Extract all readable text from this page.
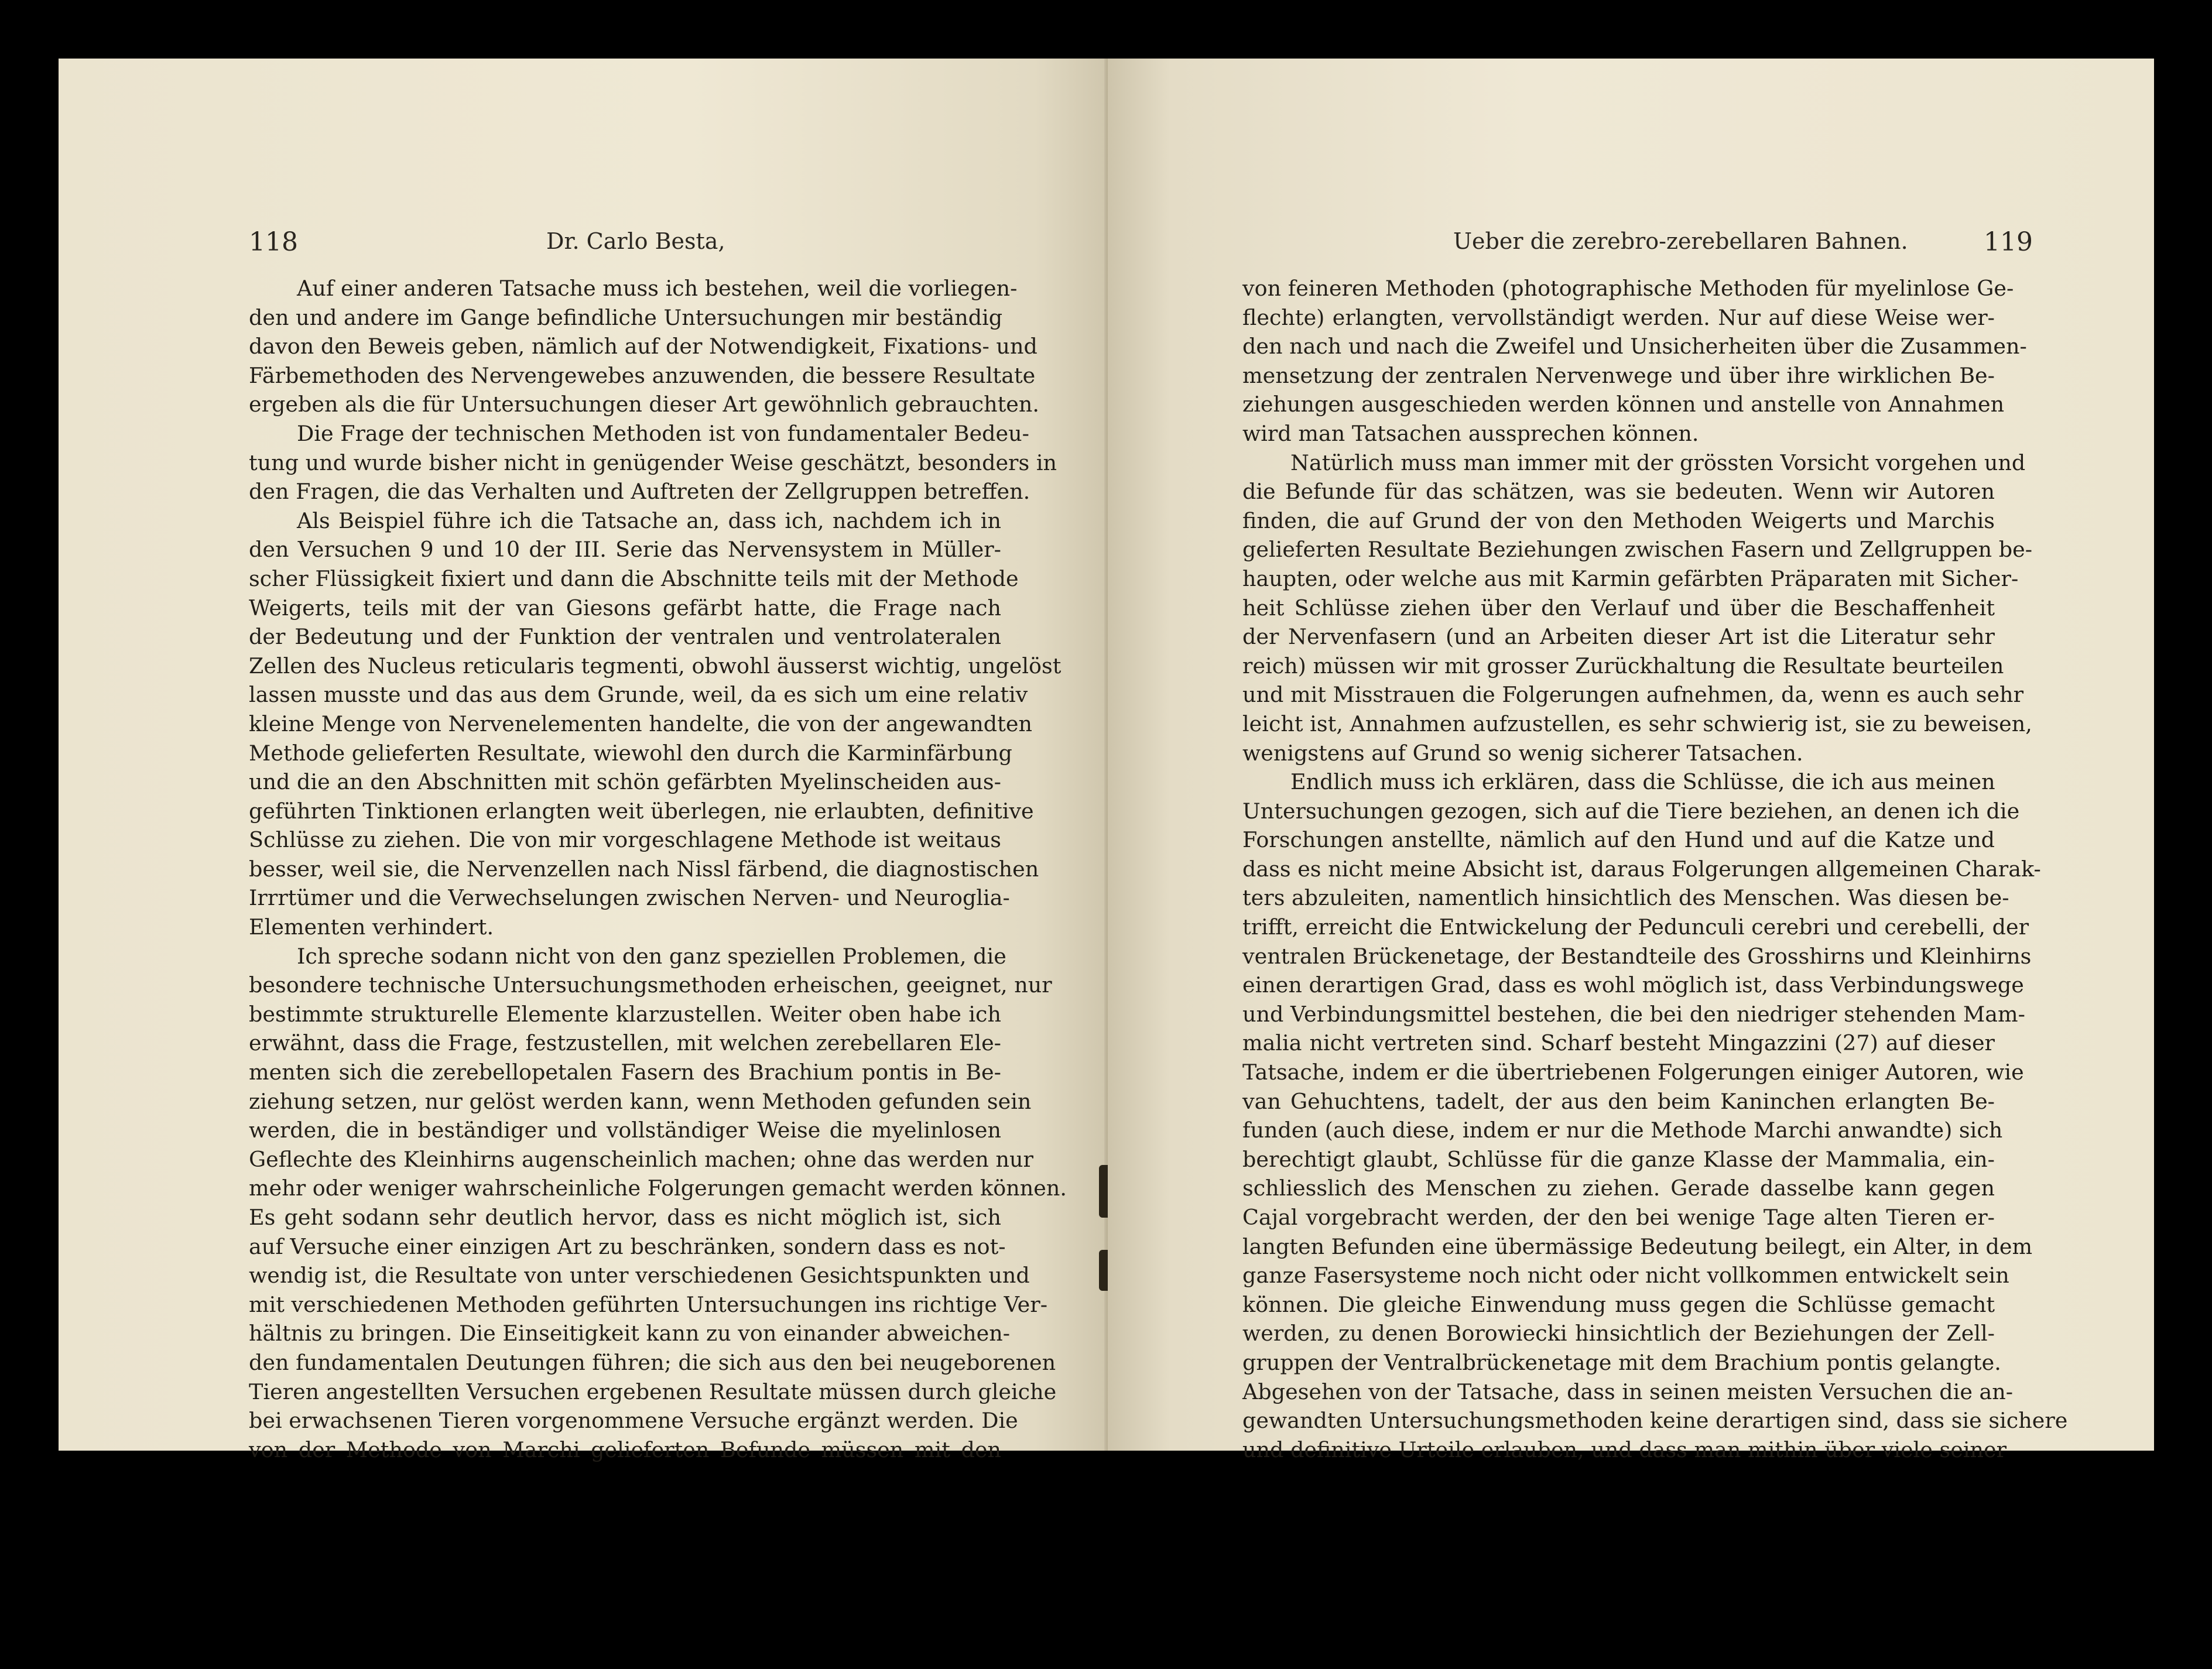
118	Dr. Carlo Besta,
Auf einer anderen Tatsache muss ich bestehen, weil die vorliegen-
den und andere im Gange befindliche Untersuchungen mir beständig
davon den Beweis geben, nämlich auf der Notwendigkeit, Fixations- und
Färbemethoden des Nervengewebes anzuwenden, die bessere Resultate
ergeben als die für Untersuchungen dieser Art gewöhnlich gebrauchten.
Die Frage der technischen Methoden ist von fundamentaler Bedeu-
tung und wurde bisher nicht in genügender Weise geschätzt, besonders in
den Fragen, die das Verhalten und Auftreten der Zellgruppen betreffen.
Als Beispiel führe ich die Tatsache an, dass ich, nachdem ich in
den Versuchen 9 und 10 der III. Serie das Nervensystem in Müller-
scher Flüssigkeit fixiert und dann die Abschnitte teils mit der Methode
Weigerts, teils mit der van Giesons gefärbt hatte, die Frage nach
der Bedeutung und der Funktion der ventralen und ventrolateralen
Zellen des Nucleus reticularis tegmenti, obwohl äusserst wichtig, ungelöst
lassen musste und das aus dem Grunde, weil, da es sich um eine relativ
kleine Menge von Nervenelementen handelte, die von der angewandten
Methode gelieferten Resultate, wiewohl den durch die Karminfärbung
und die an den Abschnitten mit schön gefärbten Myelinscheiden aus-
geführten Tinktionen erlangten weit überlegen, nie erlaubten, definitive
Schlüsse zu ziehen. Die von mir vorgeschlagene Methode ist weitaus
besser, weil sie, die Nervenzellen nach Nissl färbend, die diagnostischen
Irrrtümer und die Verwechselungen zwischen Nerven- und Neuroglia-
Elementen verhindert.
Ich spreche sodann nicht von den ganz speziellen Problemen, die
besondere technische Untersuchungsmethoden erheischen, geeignet, nur
bestimmte strukturelle Elemente klarzustellen. Weiter oben habe ich
erwähnt, dass die Frage, festzustellen, mit welchen zerebellaren Ele-
menten sich die zerebellopetalen Fasern des Brachium pontis in Be-
ziehung setzen, nur gelöst werden kann, wenn Methoden gefunden sein
werden, die in beständiger und vollständiger Weise die myelinlosen
Geflechte des Kleinhirns augenscheinlich machen; ohne das werden nur
mehr oder weniger wahrscheinliche Folgerungen gemacht werden können.
Es geht sodann sehr deutlich hervor, dass es nicht möglich ist, sich
auf Versuche einer einzigen Art zu beschränken, sondern dass es not-
wendig ist, die Resultate von unter verschiedenen Gesichtspunkten und
mit verschiedenen Methoden geführten Untersuchungen ins richtige Ver-
hältnis zu bringen. Die Einseitigkeit kann zu von einander abweichen-
den fundamentalen Deutungen führen; die sich aus den bei neugeborenen
Tieren angestellten Versuchen ergebenen Resultate müssen durch gleiche
bei erwachsenen Tieren vorgenommene Versuche ergänzt werden. Die
von der Methode von Marchi gelieferten Befunde müssen mit den
Ueber die zerebro-zerebellaren Bahnen.	119
von feineren Methoden (photographische Methoden für myelinlose Ge-
flechte) erlangten, vervollständigt werden. Nur auf diese Weise wer-
den nach und nach die Zweifel und Unsicherheiten über die Zusammen-
mensetzung der zentralen Nervenwege und über ihre wirklichen Be-
ziehungen ausgeschieden werden können und anstelle von Annahmen
wird man Tatsachen aussprechen können.
Natürlich muss man immer mit der grössten Vorsicht vorgehen und
die Befunde für das schätzen, was sie bedeuten. Wenn wir Autoren
finden, die auf Grund der von den Methoden Weigerts und Marchis
gelieferten Resultate Beziehungen zwischen Fasern und Zellgruppen be-
haupten, oder welche aus mit Karmin gefärbten Präparaten mit Sicher-
heit Schlüsse ziehen über den Verlauf und über die Beschaffenheit
der Nervenfasern (und an Arbeiten dieser Art ist die Literatur sehr
reich) müssen wir mit grosser Zurückhaltung die Resultate beurteilen
und mit Misstrauen die Folgerungen aufnehmen, da, wenn es auch sehr
leicht ist, Annahmen aufzustellen, es sehr schwierig ist, sie zu beweisen,
wenigstens auf Grund so wenig sicherer Tatsachen.
Endlich muss ich erklären, dass die Schlüsse, die ich aus meinen
Untersuchungen gezogen, sich auf die Tiere beziehen, an denen ich die
Forschungen anstellte, nämlich auf den Hund und auf die Katze und
dass es nicht meine Absicht ist, daraus Folgerungen allgemeinen Charak-
ters abzuleiten, namentlich hinsichtlich des Menschen. Was diesen be-
trifft, erreicht die Entwickelung der Pedunculi cerebri und cerebelli, der
ventralen Brückenetage, der Bestandteile des Grosshirns und Kleinhirns
einen derartigen Grad, dass es wohl möglich ist, dass Verbindungswege
und Verbindungsmittel bestehen, die bei den niedriger stehenden Mam-
malia nicht vertreten sind. Scharf besteht Mingazzini (27) auf dieser
Tatsache, indem er die übertriebenen Folgerungen einiger Autoren, wie
van Gehuchtens, tadelt, der aus den beim Kaninchen erlangten Be-
funden (auch diese, indem er nur die Methode Marchi anwandte) sich
berechtigt glaubt, Schlüsse für die ganze Klasse der Mammalia, ein-
schliesslich des Menschen zu ziehen. Gerade dasselbe kann gegen
Cajal vorgebracht werden, der den bei wenige Tage alten Tieren er-
langten Befunden eine übermässige Bedeutung beilegt, ein Alter, in dem
ganze Fasersysteme noch nicht oder nicht vollkommen entwickelt sein
können. Die gleiche Einwendung muss gegen die Schlüsse gemacht
werden, zu denen Borowiecki hinsichtlich der Beziehungen der Zell-
gruppen der Ventralbrückenetage mit dem Brachium pontis gelangte.
Abgesehen von der Tatsache, dass in seinen meisten Versuchen die an-
gewandten Untersuchungsmethoden keine derartigen sind, dass sie sichere
und definitive Urteile erlauben, und dass man mithin über viele seiner
